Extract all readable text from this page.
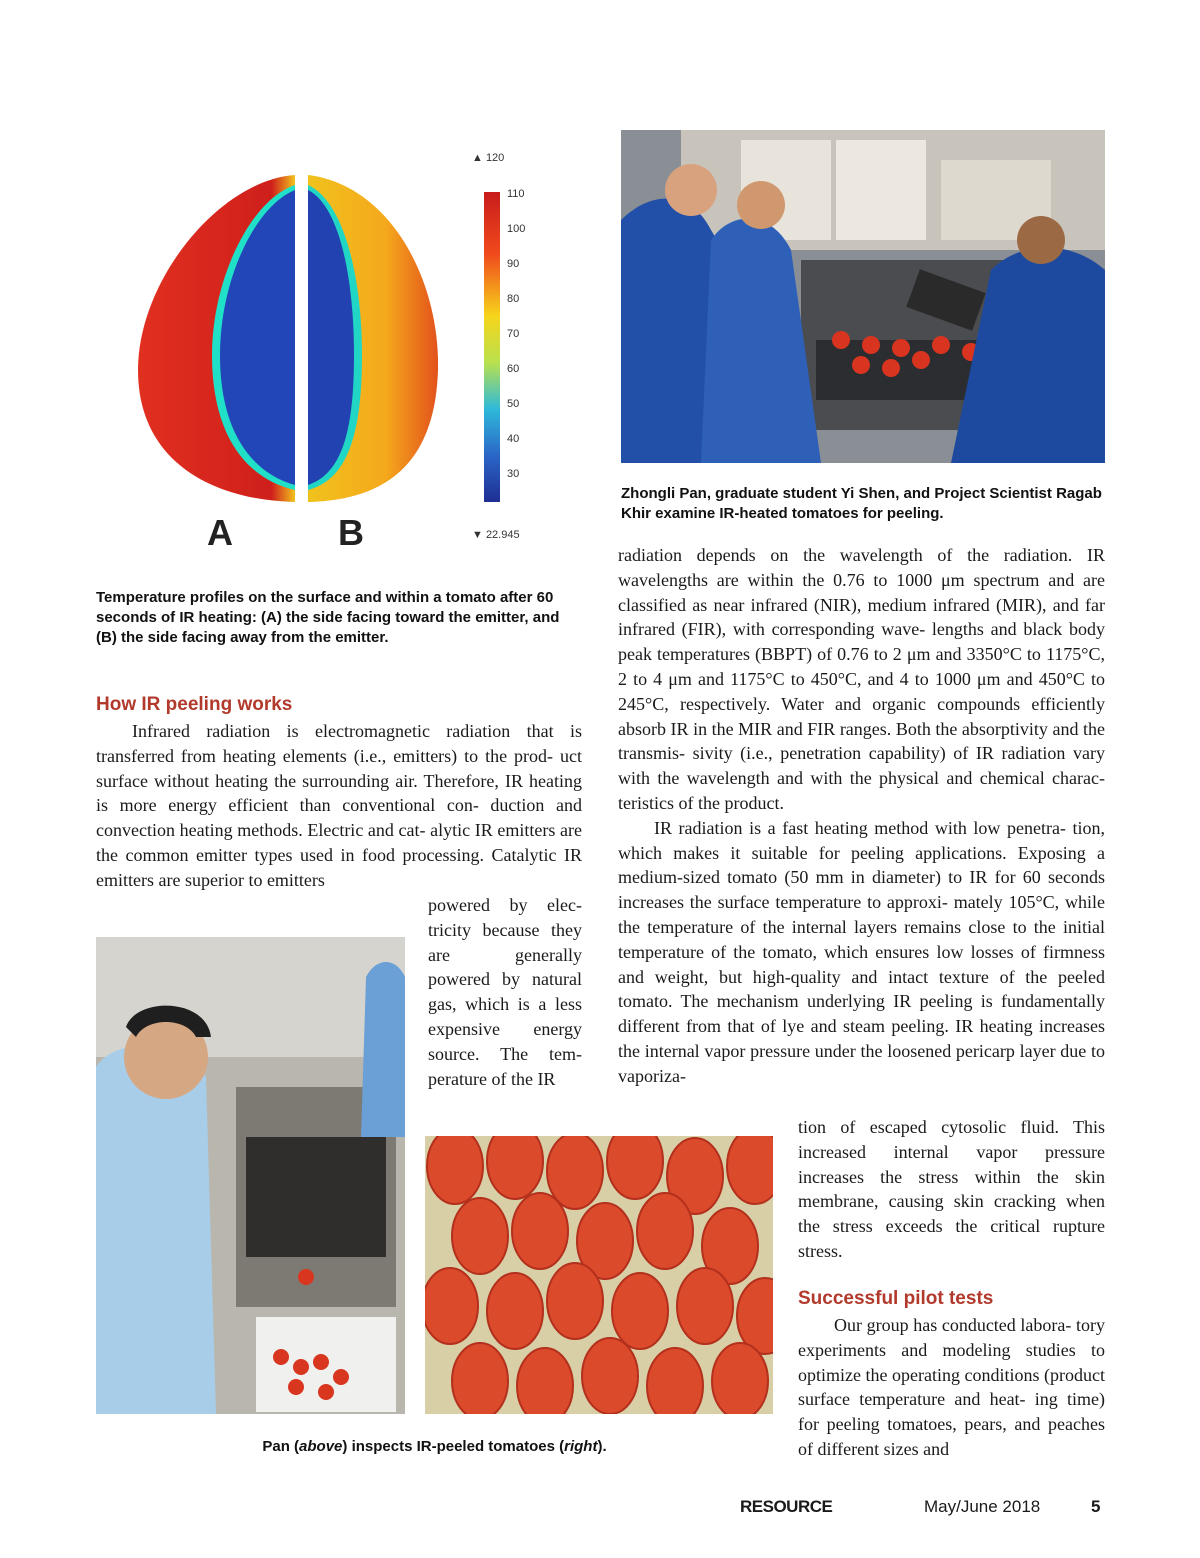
▲ 120
▼ 22.945
110
100
90
80
70
60
50
40
30
A	B
Temperature profiles on the surface and within a tomato after 60 seconds of IR heating: (A) the side facing toward the emitter, and (B) the side facing away from the emitter.
Zhongli Pan, graduate student Yi Shen, and Project Scientist Ragab Khir examine IR-heated tomatoes for peeling.
How IR peeling works

Infrared radiation is electromagnetic radiation that is transferred from heating elements (i.e., emitters) to the prod- uct surface without heating the surrounding air. Therefore, IR heating is more energy efficient than conventional con- duction and convection heating methods. Electric and cat- alytic IR emitters are the common emitter types used in food processing. Catalytic IR emitters are superior to emitters

powered by elec- tricity because they are generally powered by natural gas, which is a less expensive energy source. The tem- perature of the IR

Pan (above) inspects IR-peeled tomatoes (right).

radiation depends on the wavelength of the radiation. IR wavelengths are within the 0.76 to 1000 μm spectrum and are classified as near infrared (NIR), medium infrared (MIR), and far infrared (FIR), with corresponding wave- lengths and black body peak temperatures (BBPT) of 0.76 to 2 μm and 3350°C to 1175°C, 2 to 4 μm and 1175°C to 450°C, and 4 to 1000 μm and 450°C to 245°C, respectively. Water and organic compounds efficiently absorb IR in the MIR and FIR ranges. Both the absorptivity and the transmis- sivity (i.e., penetration capability) of IR radiation vary with the wavelength and with the physical and chemical charac- teristics of the product.

IR radiation is a fast heating method with low penetra- tion, which makes it suitable for peeling applications. Exposing a medium-sized tomato (50 mm in diameter) to IR for 60 seconds increases the surface temperature to approxi- mately 105°C, while the temperature of the internal layers remains close to the initial temperature of the tomato, which ensures low losses of firmness and weight, but high-quality and intact texture of the peeled tomato. The mechanism underlying IR peeling is fundamentally different from that of lye and steam peeling. IR heating increases the internal vapor pressure under the loosened pericarp layer due to vaporiza-

tion of escaped cytosolic fluid. This increased internal vapor pressure increases the stress within the skin membrane, causing skin cracking when the stress exceeds the critical rupture stress.

Successful pilot tests

Our group has conducted labora- tory experiments and modeling studies to optimize the operating conditions (product surface temperature and heat- ing time) for peeling tomatoes, pears, and peaches of different sizes and

RESOURCE	May/June 2018	5
